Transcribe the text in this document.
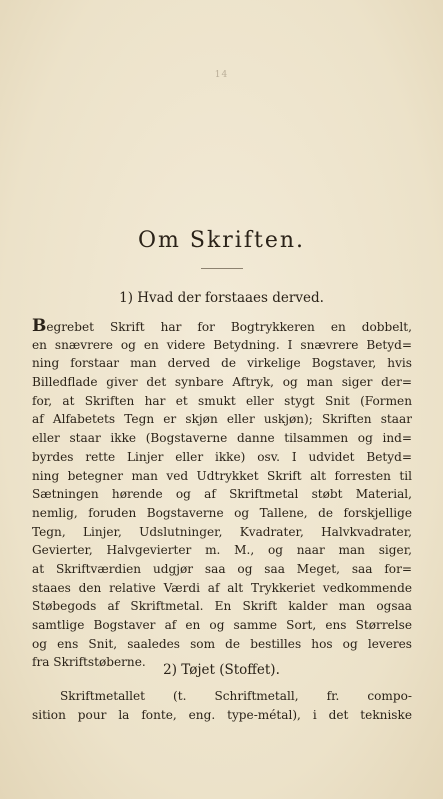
14
Om Skriften.
1) Hvad der forstaaes derved.
Begrebet Skrift har for Bogtrykkeren en dobbelt,
en snævrere og en videre Betydning. I snævrere Betyd=
ning forstaar man derved de virkelige Bogstaver, hvis
Billedflade giver det synbare Aftryk, og man siger der=
for, at Skriften har et smukt eller stygt Snit (Formen
af Alfabetets Tegn er skjøn eller uskjøn); Skriften staar
eller staar ikke (Bogstaverne danne tilsammen og ind=
byrdes rette Linjer eller ikke) osv. I udvidet Betyd=
ning betegner man ved Udtrykket Skrift alt forresten til
Sætningen hørende og af Skriftmetal støbt Material,
nemlig, foruden Bogstaverne og Tallene, de forskjellige
Tegn, Linjer, Udslutninger, Kvadrater, Halvkvadrater,
Gevierter, Halvgevierter m. M., og naar man siger,
at Skriftværdien udgjør saa og saa Meget, saa for=
staaes den relative Værdi af alt Trykkeriet vedkommende
Støbegods af Skriftmetal. En Skrift kalder man ogsaa
samtlige Bogstaver af en og samme Sort, ens Størrelse
og ens Snit, saaledes som de bestilles hos og leveres
fra Skriftstøberne.	2) Tøjet (Stoffet).
Skriftmetallet (t. Schriftmetall, fr. compo-
sition pour la fonte, eng. type-métal), i det tekniske
